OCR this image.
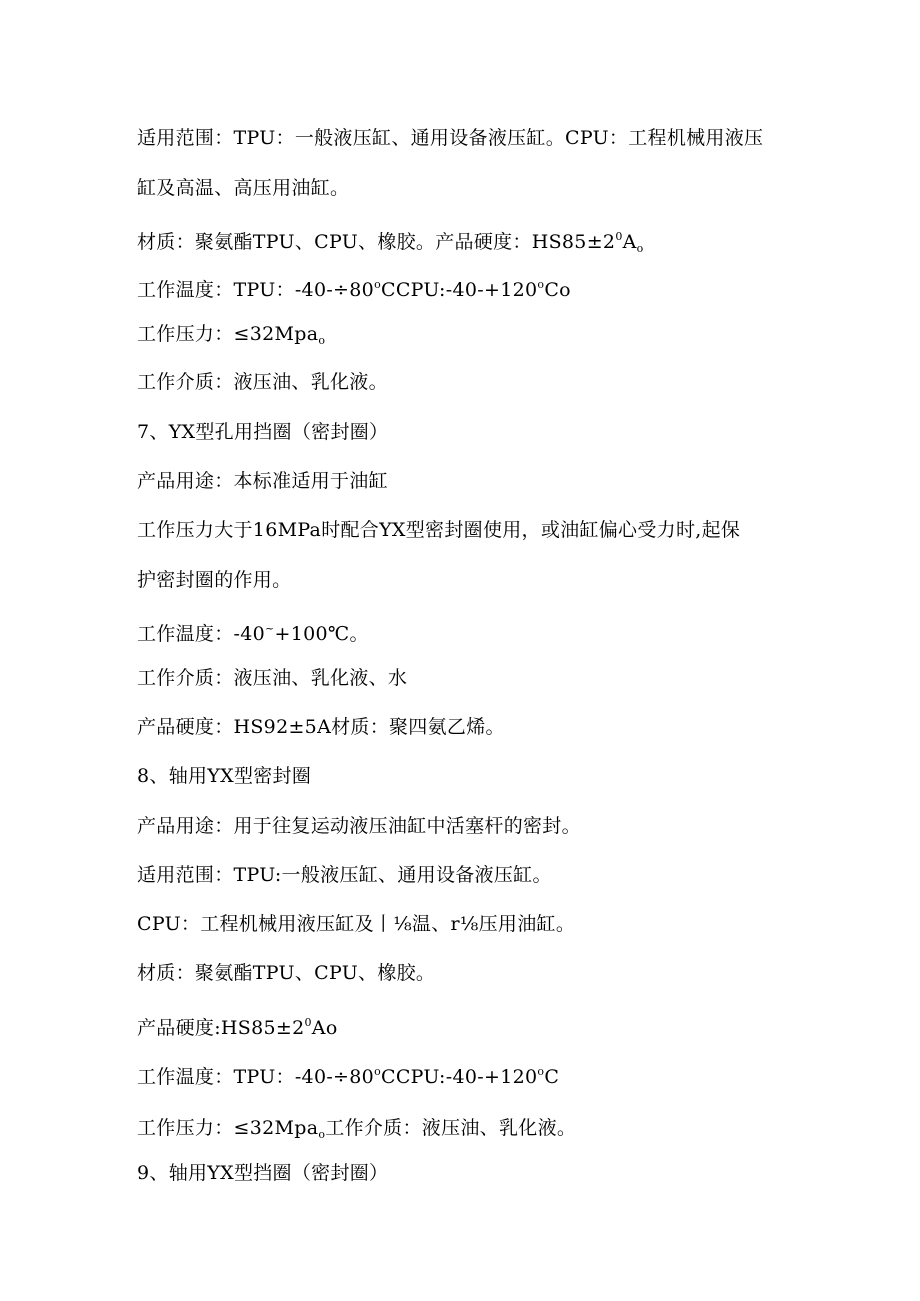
适用范围：TPU：一般液压缸、通用设备液压缸。CPU：工程机械用液压
缸及高温、高压用油缸。
材质：聚氨酯TPU、CPU、橡胶。产品硬度：$HS85\pm 2^0A_o$
工作温度：TPU：$-40-\div 80^oCCPU:-40-+120^oCo$
工作压力：≤32Mpa$_o$
工作介质：液压油、乳化液。
7、YX型孔用挡圈（密封圈）
产品用途：本标准适用于油缸
工作压力大于16MPa时配合YX型密封圈使用，或油缸偏心受力时,起保
护密封圈的作用。
工作温度：-40~+100℃。
工作介质：液压油、乳化液、水
产品硬度：HS92±5A材质：聚四氨乙烯。
8、轴用YX型密封圈
产品用途：用于往复运动液压油缸中活塞杆的密封。
适用范围：TPU:一般液压缸、通用设备液压缸。
CPU：工程机械用液压缸及丨⅛温、r⅛压用油缸。
材质：聚氨酯TPU、CPU、橡胶。
产品硬度$:HS85\pm 2^0Ao$
工作温度：TPU：$-40-\div 80^oCCPU:-40-+120^oC$
工作压力：≤32Mpa$_o$工作介质：液压油、乳化液。
9、轴用YX型挡圈（密封圈）
